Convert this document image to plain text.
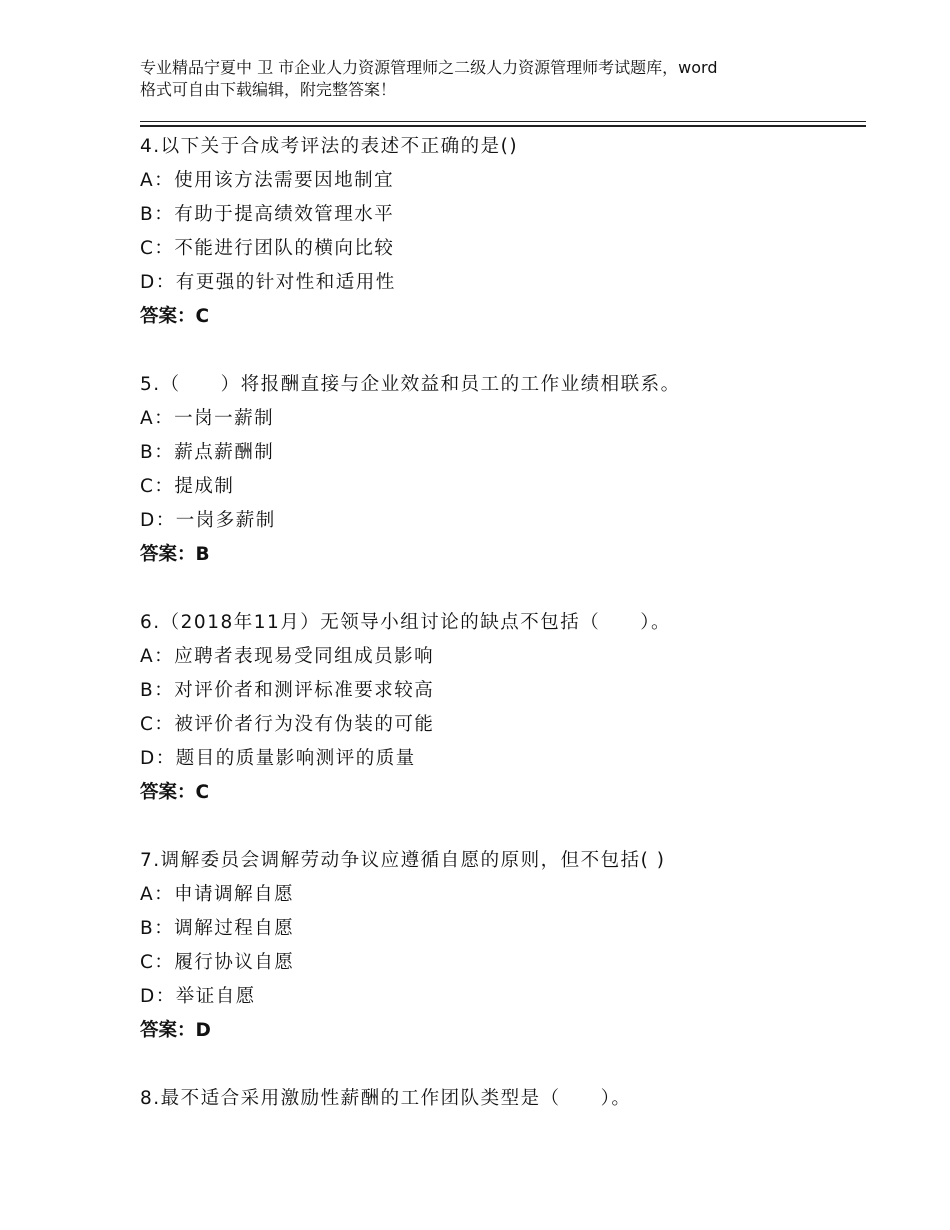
专业精品宁夏中 卫 市企业人力资源管理师之二级人力资源管理师考试题库，word
格式可自由下载编辑，附完整答案！
4.以下关于合成考评法的表述不正确的是()
A：使用该方法需要因地制宜
B：有助于提高绩效管理水平
C：不能进行团队的横向比较
D：有更强的针对性和适用性
答案：C
5.（　　）将报酬直接与企业效益和员工的工作业绩相联系。
A：一岗一薪制
B：薪点薪酬制
C：提成制
D：一岗多薪制
答案：B
6.（2018年11月）无领导小组讨论的缺点不包括（　　）。
A：应聘者表现易受同组成员影响
B：对评价者和测评标准要求较高
C：被评价者行为没有伪装的可能
D：题目的质量影响测评的质量
答案：C
7.调解委员会调解劳动争议应遵循自愿的原则，但不包括( )
A：申请调解自愿
B：调解过程自愿
C：履行协议自愿
D：举证自愿
答案：D
8.最不适合采用激励性薪酬的工作团队类型是（　　）。
